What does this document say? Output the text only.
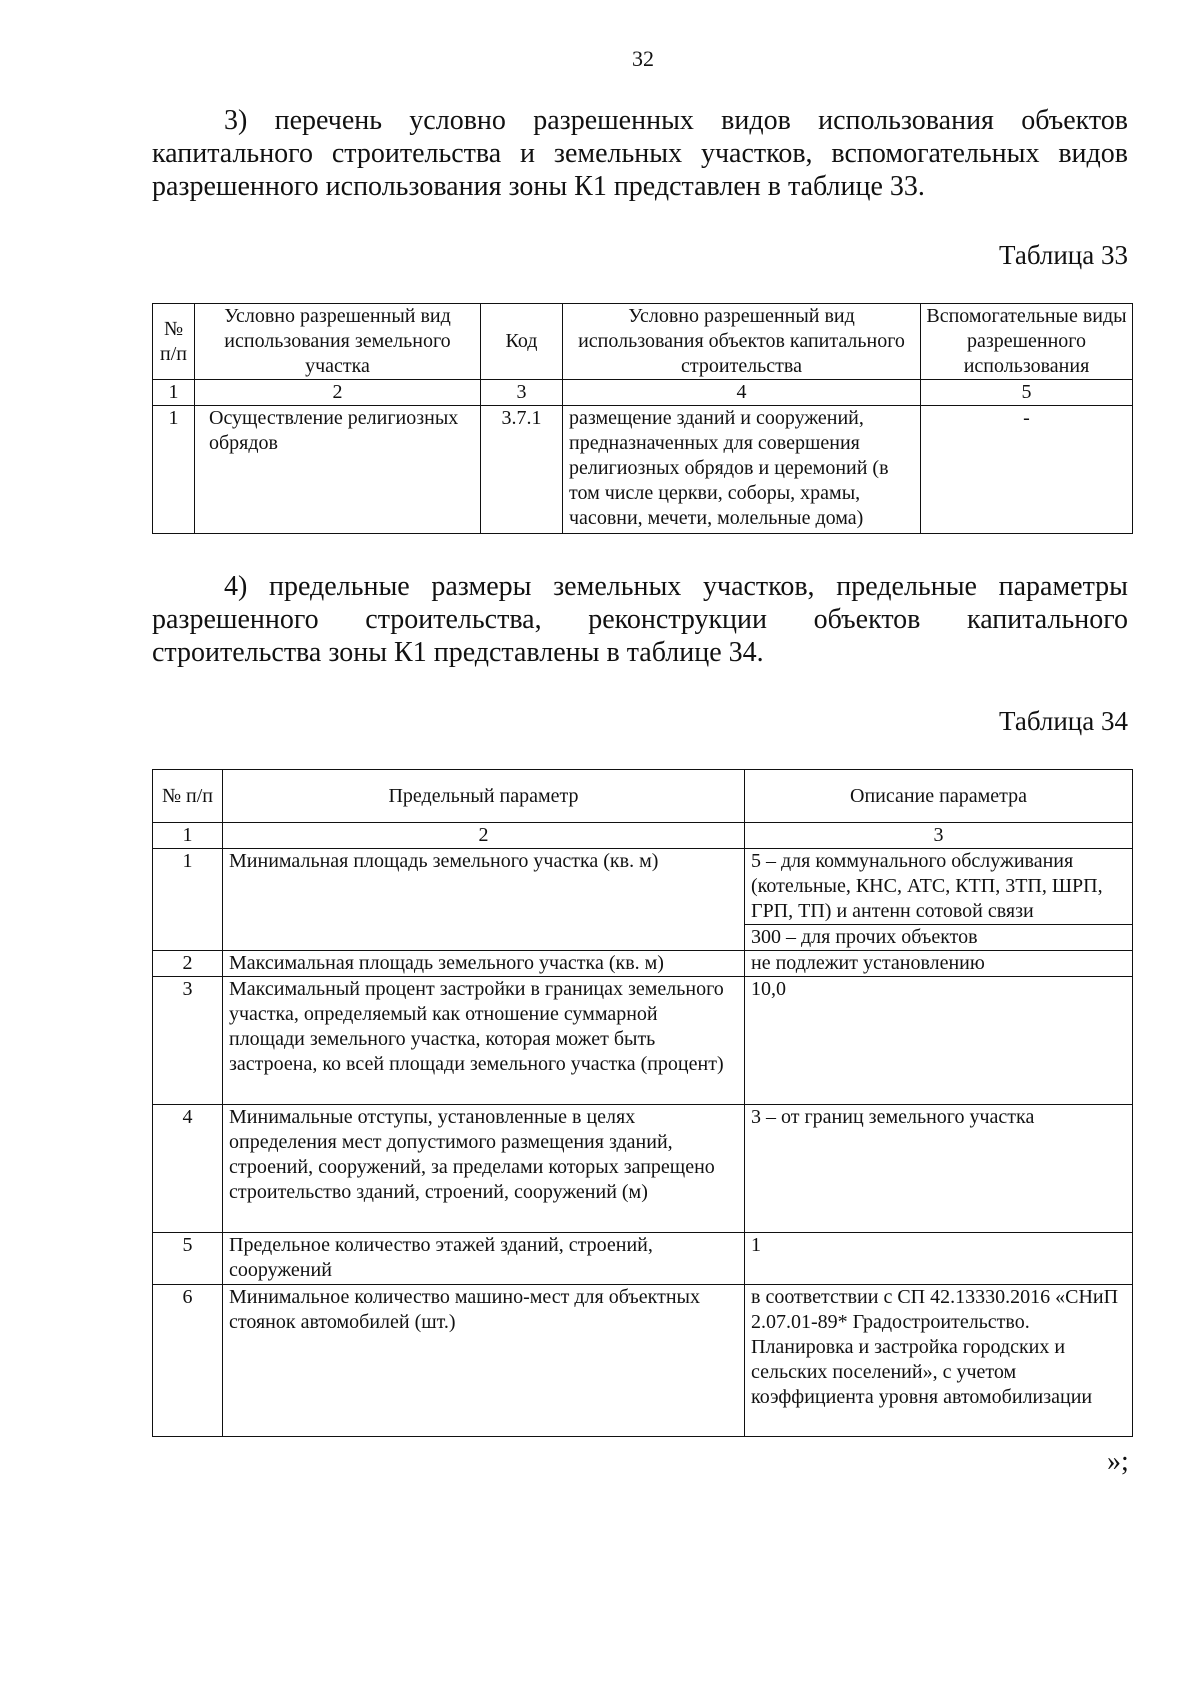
32

3) перечень условно разрешенных видов использования объектов капитального строительства и земельных участков, вспомогательных видов разрешенного использования зоны К1 представлен в таблице 33.

Таблица 33
№ п/п	Условно разрешенный вид использования земельного участка	Код	Условно разрешенный вид использования объектов капитального строительства	Вспомогательные виды разрешенного использования
1	2	3	4	5
1	Осуществление религиозных обрядов	3.7.1	размещение зданий и сооружений, предназначенных для совершения религиозных обрядов и церемоний (в том числе церкви, соборы, храмы, часовни, мечети, молельные дома)	-

4) предельные размеры земельных участков, предельные параметры разрешенного строительства, реконструкции объектов капитального строительства зоны К1 представлены в таблице 34.

Таблица 34
№ п/п	Предельный параметр	Описание параметра
1	2	3
1	Минимальная площадь земельного участка (кв. м)	5 – для коммунального обслуживания (котельные, КНС, АТС, КТП, 3ТП, ШРП, ГРП, ТП) и антенн сотовой связи
		300 – для прочих объектов
2	Максимальная площадь земельного участка (кв. м)	не подлежит установлению
3	Максимальный процент застройки в границах земельного участка, определяемый как отношение суммарной площади земельного участка, которая может быть застроена, ко всей площади земельного участка (процент)	10,0
4	Минимальные отступы, установленные в целях определения мест допустимого размещения зданий, строений, сооружений, за пределами которых запрещено строительство зданий, строений, сооружений (м)	3 – от границ земельного участка
5	Предельное количество этажей зданий, строений, сооружений	1
6	Минимальное количество машино-мест для объектных стоянок автомобилей (шт.)	в соответствии с СП 42.13330.2016 «СНиП 2.07.01-89* Градостроительство. Планировка и застройка городских и сельских поселений», с учетом коэффициента уровня автомобилизации
»;
